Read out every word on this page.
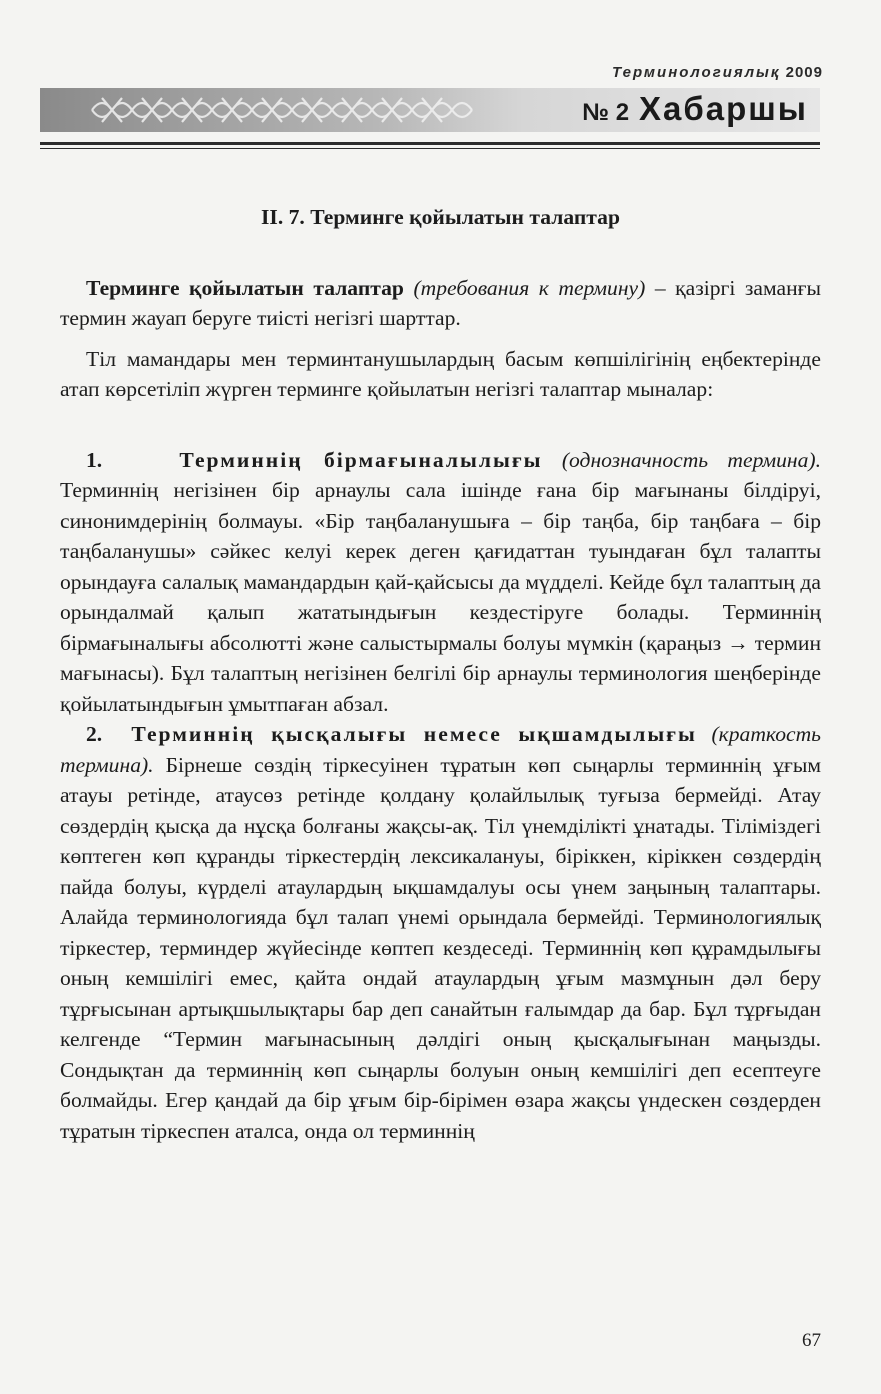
Терминологиялық 2009
№ 2 Хабаршы
II. 7. Терминге қойылатын талаптар

Терминге қойылатын талаптар (требования к термину) – қазіргі заманғы термин жауап беруге тиісті негізгі шарттар.

Тіл мамандары мен терминтанушылардың басым көпшілігінің еңбектерінде атап көрсетіліп жүрген терминге қойылатын негізгі талаптар мыналар:

1.	Терминнің бірмағыналылығы (однозначность термина). Терминнің негізінен бір арнаулы сала ішінде ғана бір мағынаны білдіруі, синонимдерінің болмауы. «Бір таңбаланушыға – бір таңба, бір таңбаға – бір таңбаланушы» сәйкес келуі керек деген қағидаттан туындаған бұл талапты орындауға салалық мамандардын қай-қайсысы да мүдделі. Кейде бұл талаптың да орындалмай қалып жататындығын кездестіруге болады. Терминнің бірмағыналығы абсолютті және салыстырмалы болуы мүмкін (қараңыз → термин мағынасы). Бұл талаптың негізінен белгілі бір арнаулы терминология шеңберінде қойылатындығын ұмытпаған абзал.

2. Терминнің қысқалығы немесе ықшамдылығы (краткость термина). Бірнеше сөздің тіркесуінен тұратын көп сыңарлы терминнің ұғым атауы ретінде, атаусөз ретінде қолдану қолайлылық туғыза бермейді. Атау сөздердің қысқа да нұсқа болғаны жақсы-ақ. Тіл үнемділікті ұнатады. Тіліміздегі көптеген көп құранды тіркестердің лексикалануы, біріккен, кіріккен сөздердің пайда болуы, күрделі атаулардың ықшамдалуы осы үнем заңының талаптары. Алайда терминологияда бұл талап үнемі орындала бермейді. Терминологиялық тіркестер, терминдер жүйесінде көптеп кездеседі. Терминнің көп құрамдылығы оның кемшілігі емес, қайта ондай атаулардың ұғым мазмұнын дәл беру тұрғысынан артықшылықтары бар деп санайтын ғалымдар да бар. Бұл тұрғыдан келгенде “Термин мағынасының дәлдігі оның қысқалығынан маңызды. Сондықтан да терминнің көп сыңарлы болуын оның кемшілігі деп есептеуге болмайды. Егер қандай да бір ұғым бір-бірімен өзара жақсы үндескен сөздерден тұратын тіркеспен аталса, онда ол терминнің

67
